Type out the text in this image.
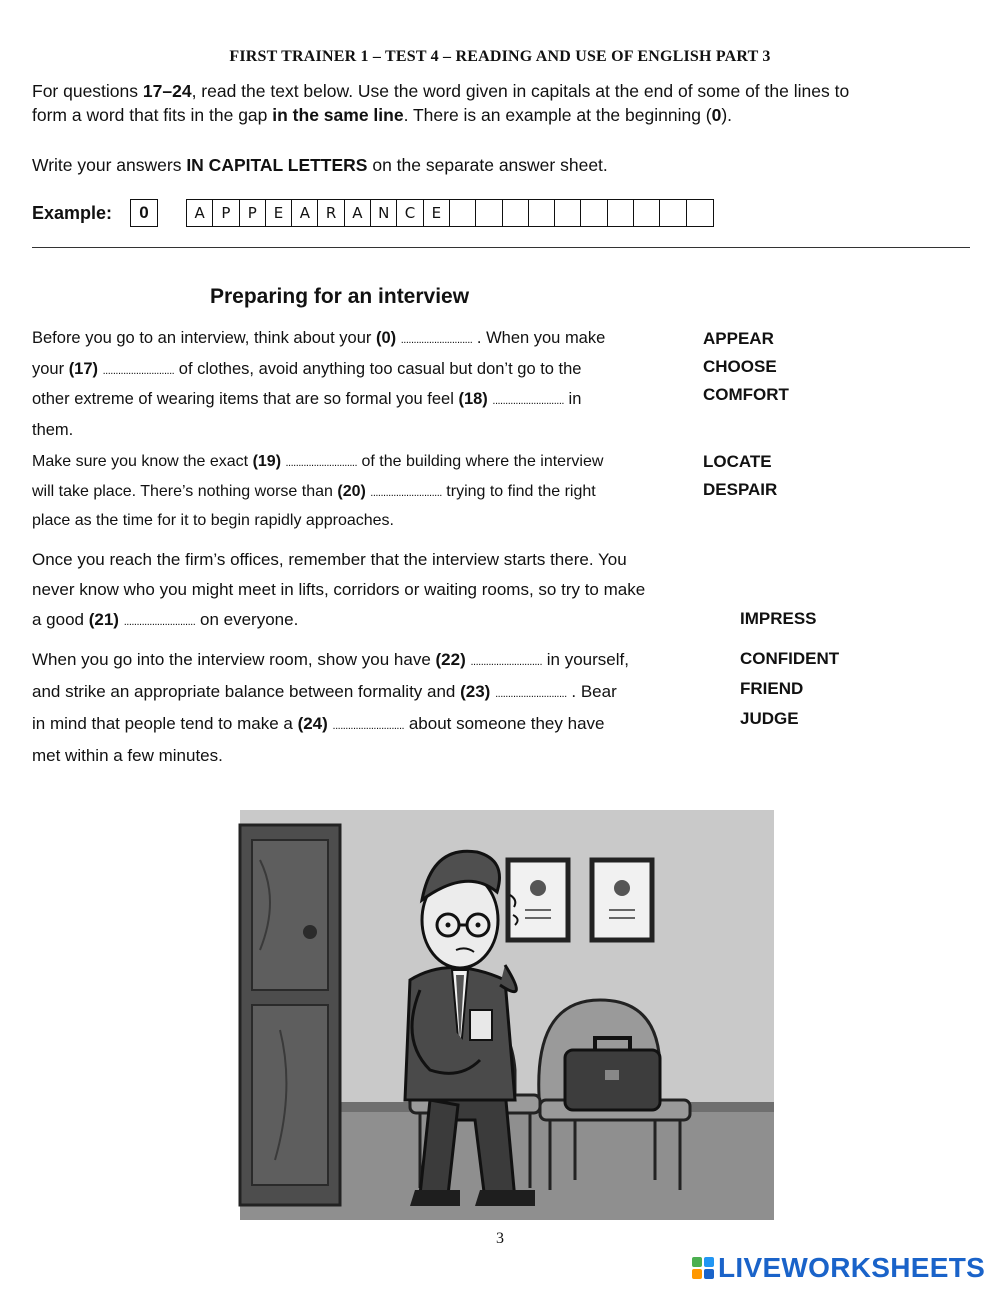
FIRST TRAINER 1 – TEST 4 – READING AND USE OF ENGLISH PART 3
For questions 17–24, read the text below. Use the word given in capitals at the end of some of the lines to
form a word that fits in the gap in the same line. There is an example at the beginning (0).
Write your answers IN CAPITAL LETTERS on the separate answer sheet.
Example:	0	A	P	P	E	A	R	A	N	C	E
Preparing for an interview
Before you go to an interview, think about your (0) ............................ . When you make
your (17) ............................ of clothes, avoid anything too casual but don’t go to the
other extreme of wearing items that are so formal you feel (18) ............................ in
them.
APPEAR
CHOOSE
COMFORT
Make sure you know the exact (19) ............................ of the building where the interview
will take place. There’s nothing worse than (20) ............................ trying to find the right
place as the time for it to begin rapidly approaches.
LOCATE
DESPAIR
Once you reach the firm’s offices, remember that the interview starts there. You
never know who you might meet in lifts, corridors or waiting rooms, so try to make
a good (21) ............................ on everyone.	IMPRESS
When you go into the interview room, show you have (22) ............................ in yourself,
and strike an appropriate balance between formality and (23) ............................ . Bear
in mind that people tend to make a (24) ............................ about someone they have
met within a few minutes.
CONFIDENT
FRIEND
JUDGE
3
LIVEWORKSHEETS
